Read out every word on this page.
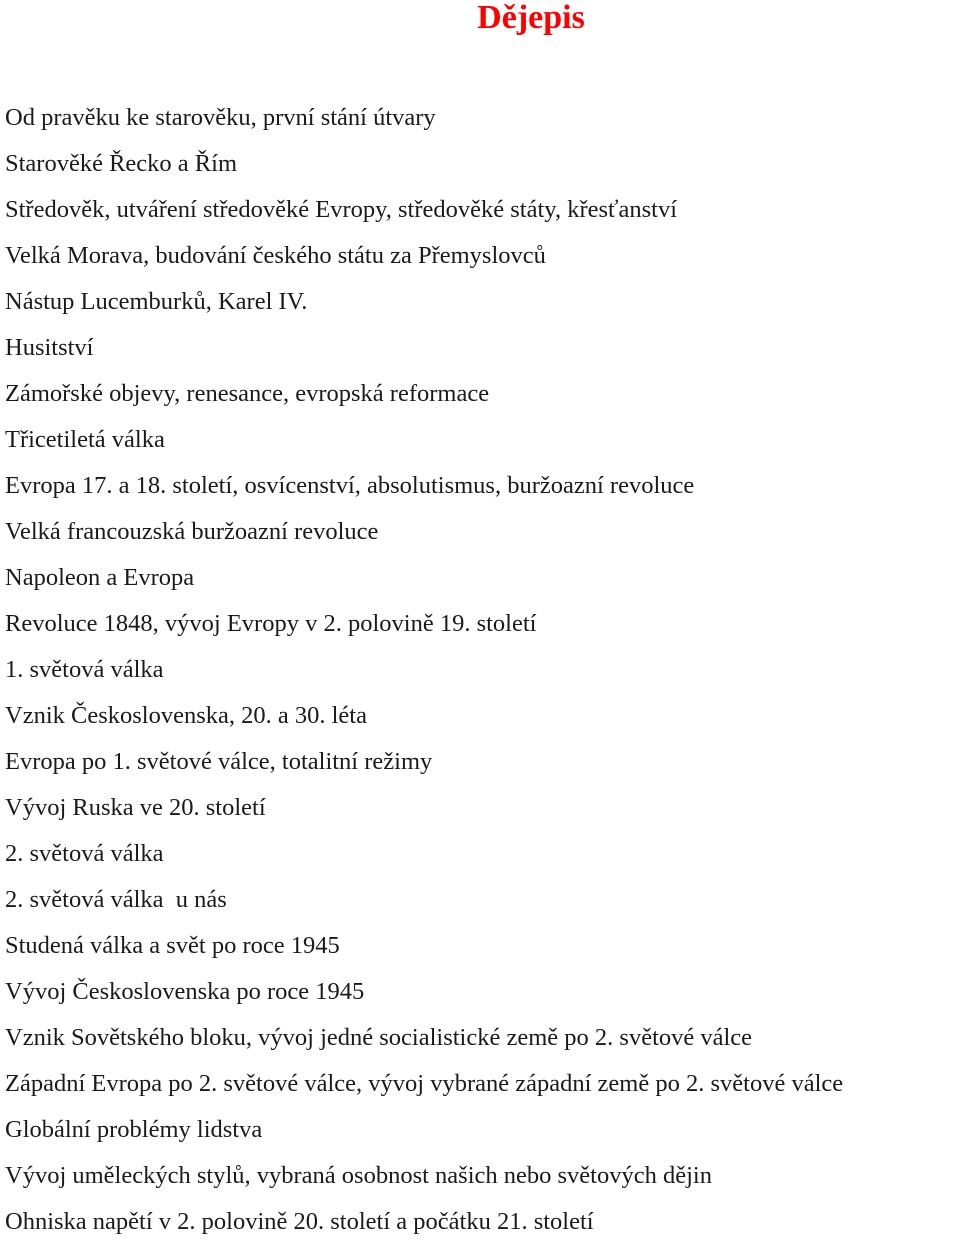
Dějepis
Od pravěku ke starověku, první stání útvary
Starověké Řecko a Řím
Středověk, utváření středověké Evropy, středověké státy, křesťanství
Velká Morava, budování českého státu za Přemyslovců
Nástup Lucemburků, Karel IV.
Husitství
Zámořské objevy, renesance, evropská reformace
Třicetiletá válka
Evropa 17. a 18. století, osvícenství, absolutismus, buržoazní revoluce
Velká francouzská buržoazní revoluce
Napoleon a Evropa
Revoluce 1848, vývoj Evropy v 2. polovině 19. století
1. světová válka
Vznik Československa, 20. a 30. léta
Evropa po 1. světové válce, totalitní režimy
Vývoj Ruska ve 20. století
2. světová válka
2. světová válka  u nás
Studená válka a svět po roce 1945
Vývoj Československa po roce 1945
Vznik Sovětského bloku, vývoj jedné socialistické země po 2. světové válce
Západní Evropa po 2. světové válce, vývoj vybrané západní země po 2. světové válce
Globální problémy lidstva
Vývoj uměleckých stylů, vybraná osobnost našich nebo světových dějin
Ohniska napětí v 2. polovině 20. století a počátku 21. století
